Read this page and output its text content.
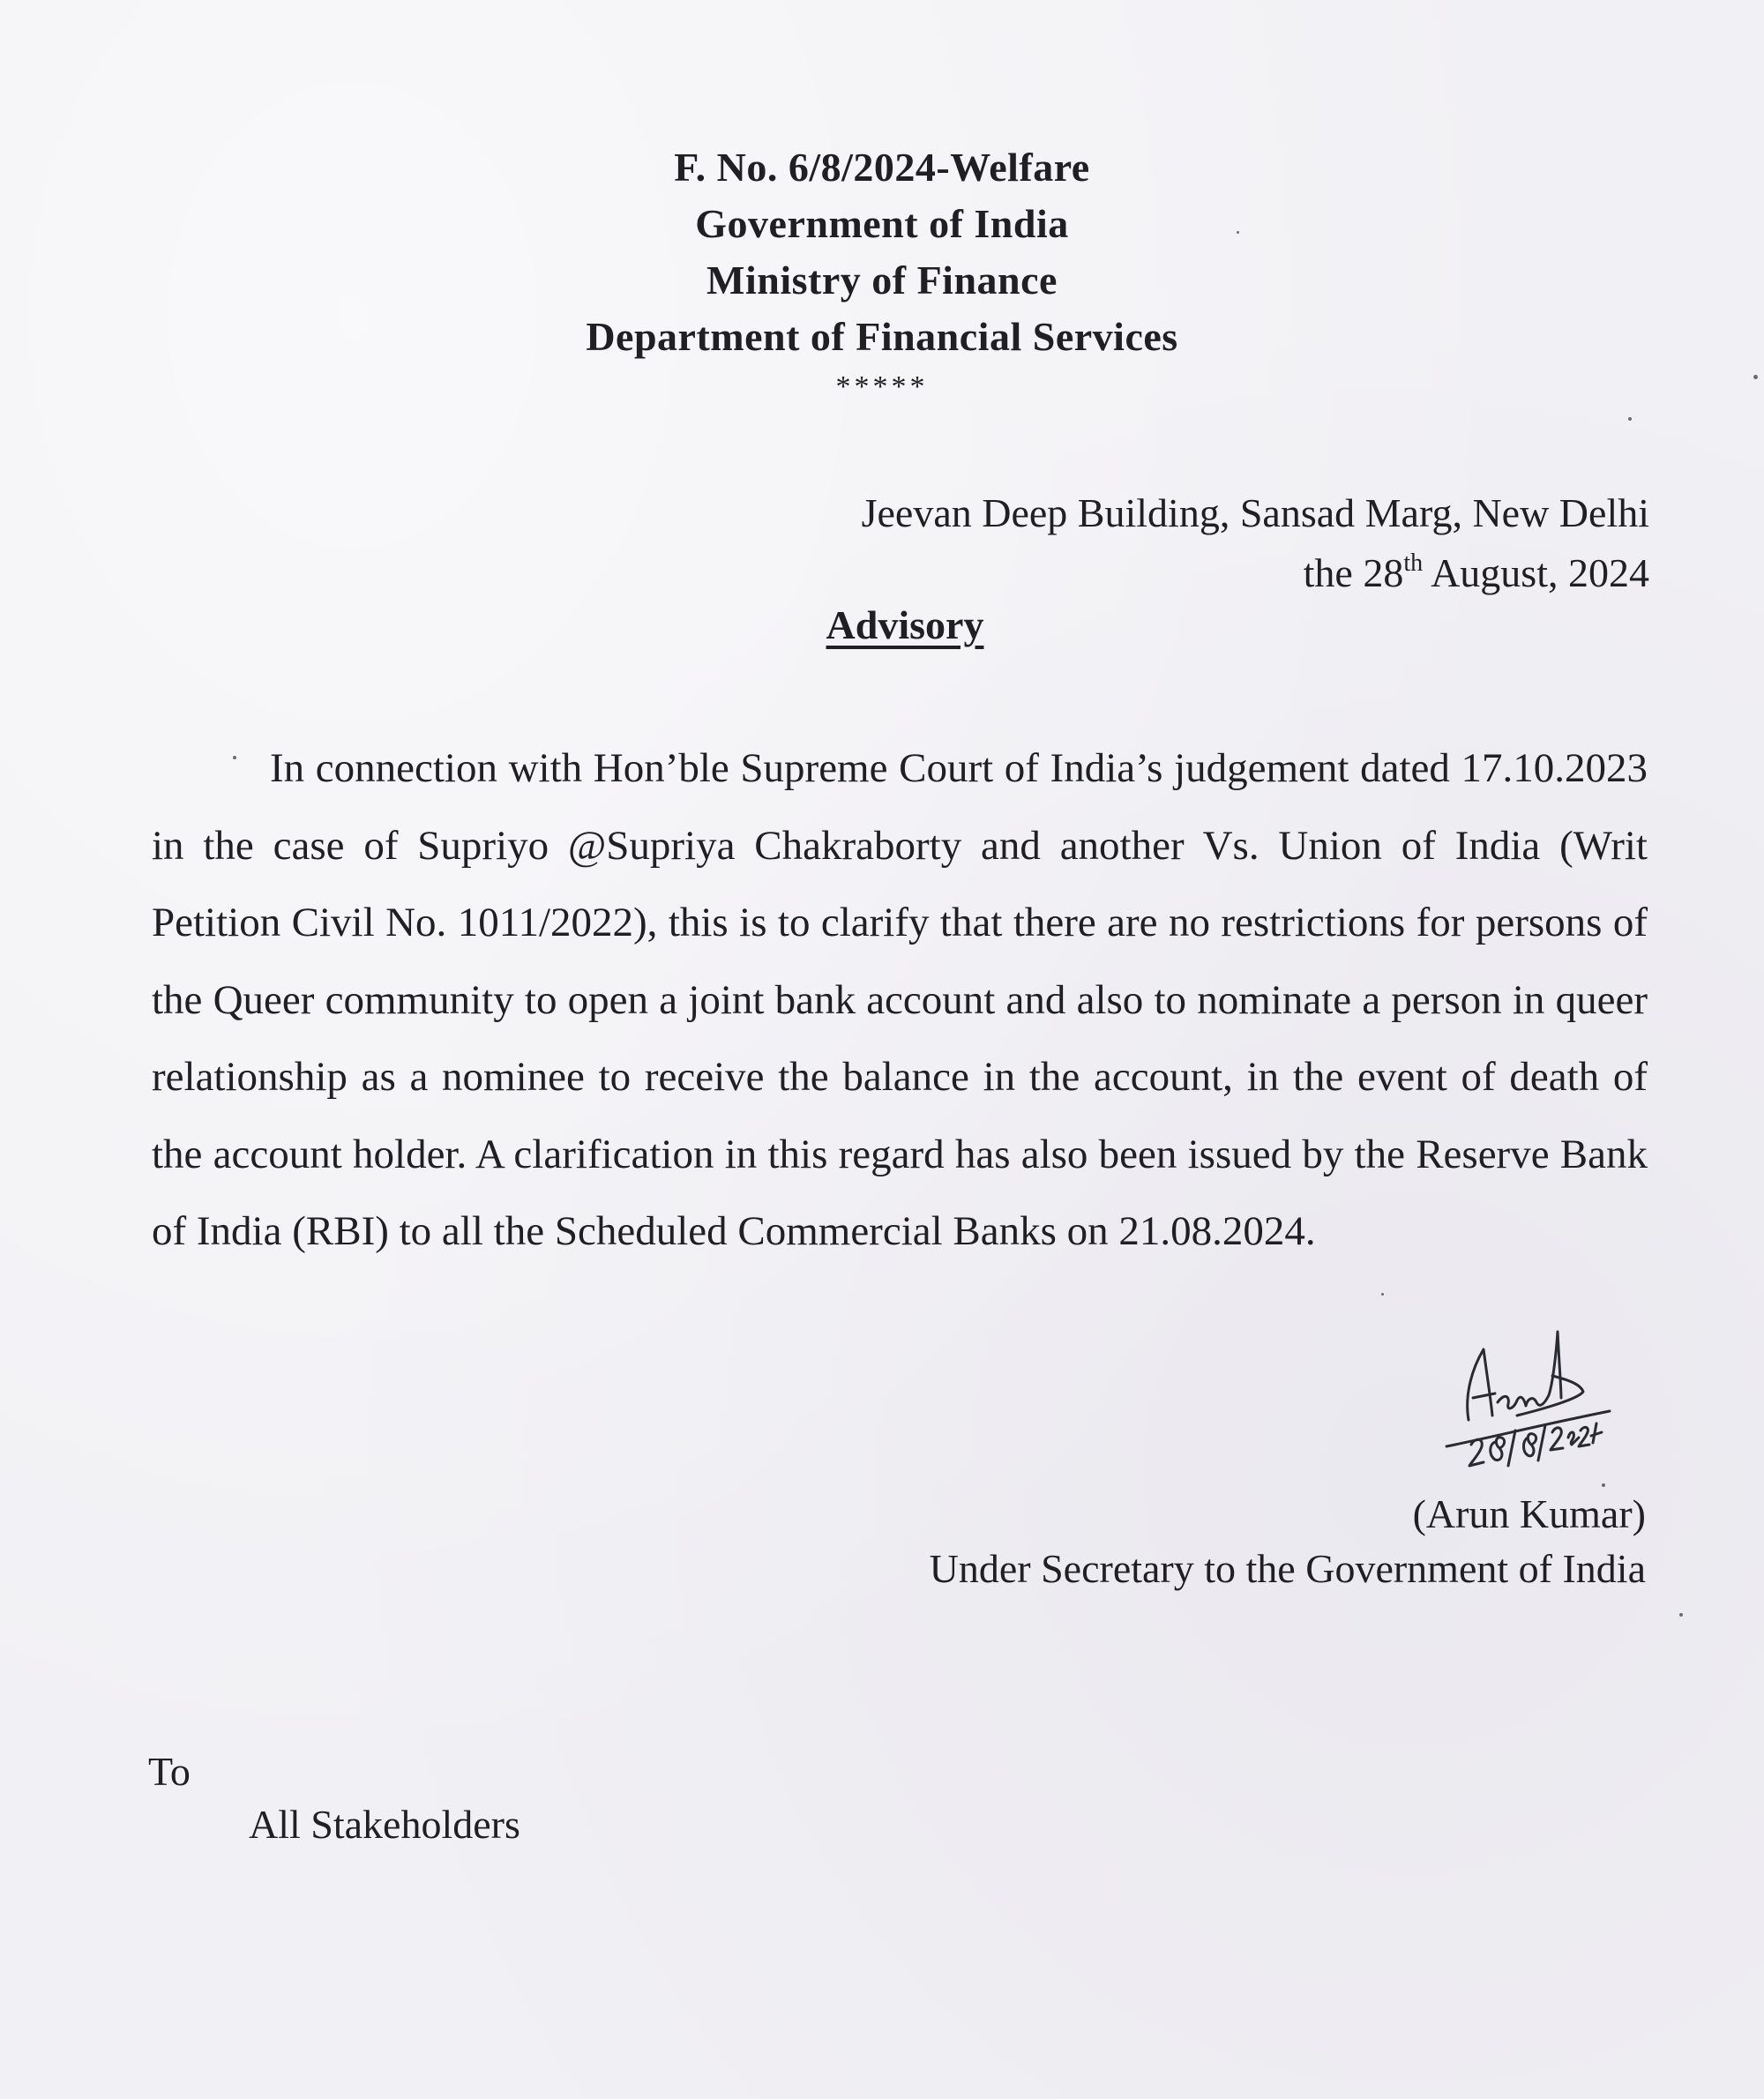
F. No. 6/8/2024-Welfare
Government of India
Ministry of Finance
Department of Financial Services
*****
Jeevan Deep Building, Sansad Marg, New Delhi
the 28th August, 2024
Advisory

In connection with Hon’ble Supreme Court of India’s judgement dated 17.10.2023 in the case of Supriyo @Supriya Chakraborty and another Vs. Union of India (Writ Petition Civil No. 1011/2022), this is to clarify that there are no restrictions for persons of the Queer community to open a joint bank account and also to nominate a person in queer relationship as a nominee to receive the balance in the account, in the event of death of the account holder. A clarification in this regard has also been issued by the Reserve Bank of India (RBI) to all the Scheduled Commercial Banks on 21.08.2024.

(Arun Kumar)
Under Secretary to the Government of India
To
All Stakeholders
